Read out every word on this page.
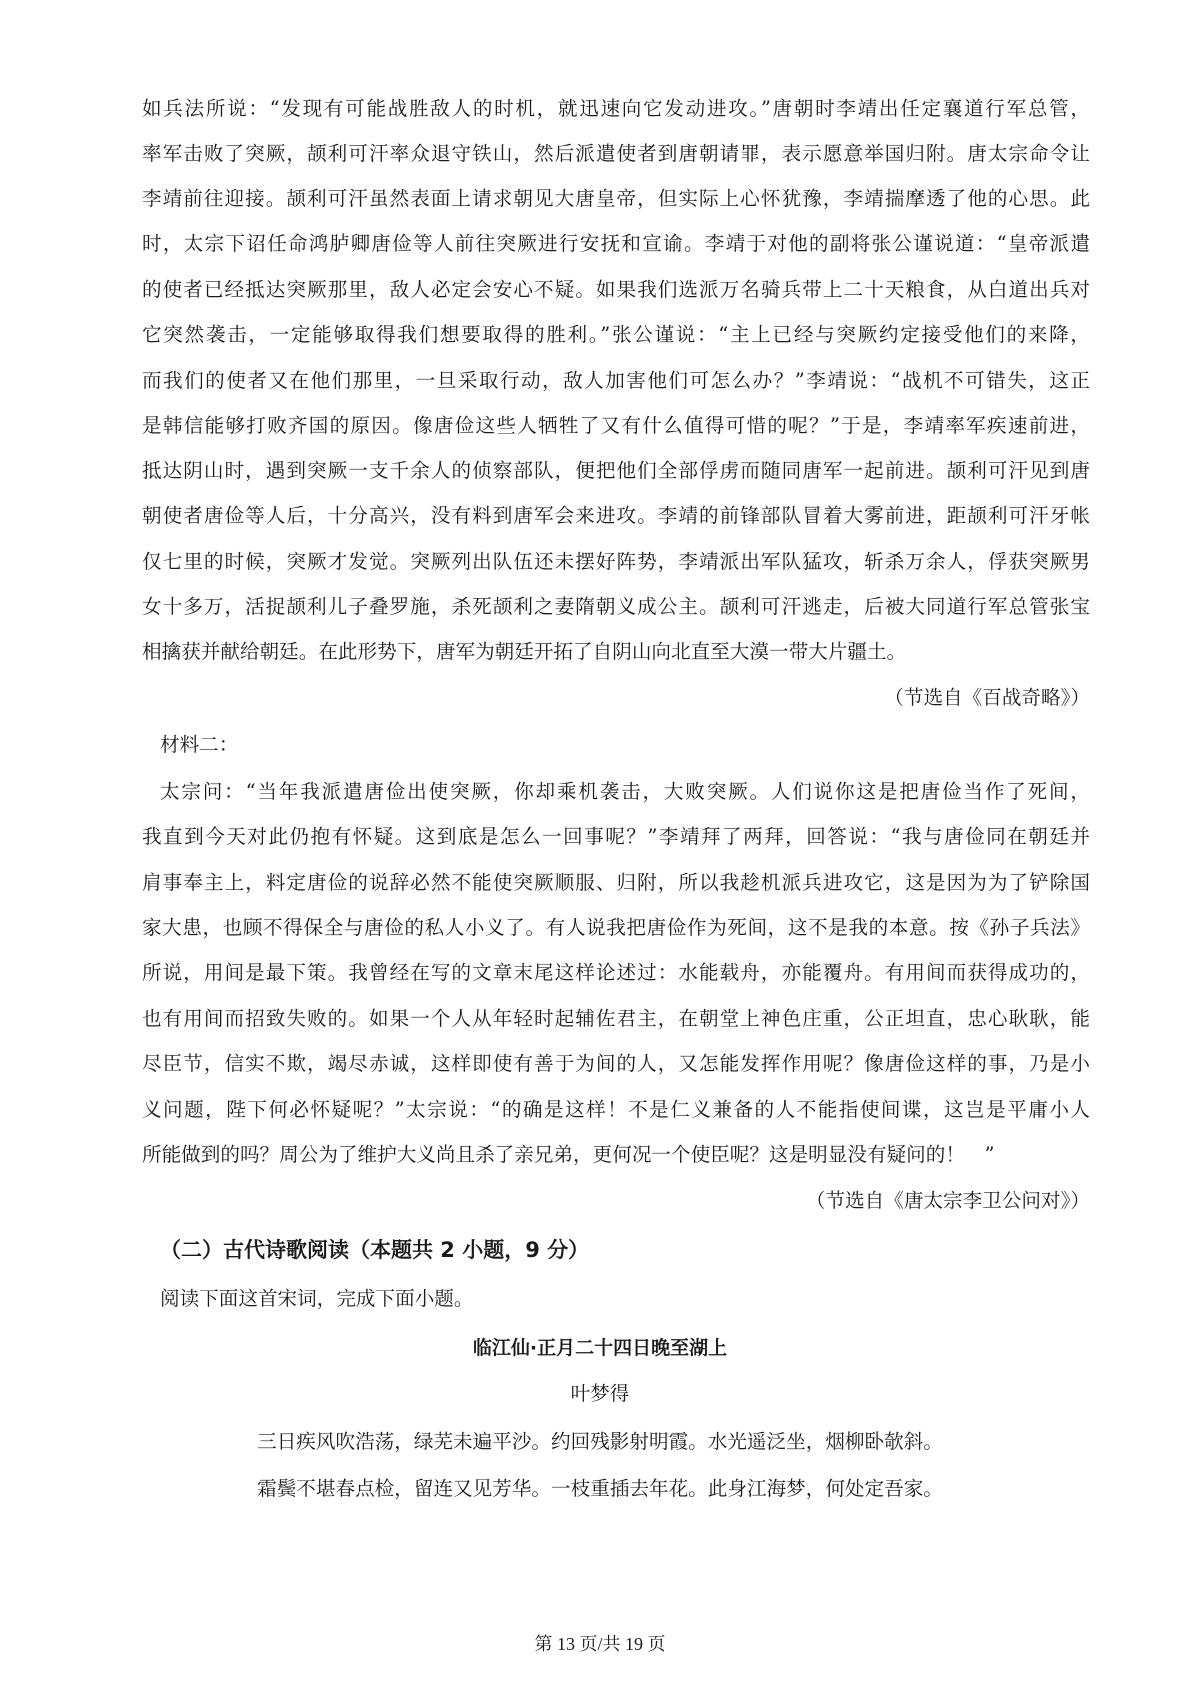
如兵法所说：“发现有可能战胜敌人的时机，就迅速向它发动进攻。”唐朝时李靖出任定襄道行军总管，
率军击败了突厥，颉利可汗率众退守铁山，然后派遣使者到唐朝请罪，表示愿意举国归附。唐太宗命令让
李靖前往迎接。颉利可汗虽然表面上请求朝见大唐皇帝，但实际上心怀犹豫，李靖揣摩透了他的心思。此
时，太宗下诏任命鸿胪卿唐俭等人前往突厥进行安抚和宣谕。李靖于对他的副将张公谨说道：“皇帝派遣
的使者已经抵达突厥那里，敌人必定会安心不疑。如果我们选派万名骑兵带上二十天粮食，从白道出兵对
它突然袭击，一定能够取得我们想要取得的胜利。”张公谨说：“主上已经与突厥约定接受他们的来降，
而我们的使者又在他们那里，一旦采取行动，敌人加害他们可怎么办？”李靖说：“战机不可错失，这正
是韩信能够打败齐国的原因。像唐俭这些人牺牲了又有什么值得可惜的呢？”于是，李靖率军疾速前进，
抵达阴山时，遇到突厥一支千余人的侦察部队，便把他们全部俘虏而随同唐军一起前进。颉利可汗见到唐
朝使者唐俭等人后，十分高兴，没有料到唐军会来进攻。李靖的前锋部队冒着大雾前进，距颉利可汗牙帐
仅七里的时候，突厥才发觉。突厥列出队伍还未摆好阵势，李靖派出军队猛攻，斩杀万余人，俘获突厥男
女十多万，活捉颉利儿子叠罗施，杀死颉利之妻隋朝义成公主。颉利可汗逃走，后被大同道行军总管张宝
相擒获并献给朝廷。在此形势下，唐军为朝廷开拓了自阴山向北直至大漠一带大片疆土。
（节选自《百战奇略》）
材料二：
太宗问：“当年我派遣唐俭出使突厥，你却乘机袭击，大败突厥。人们说你这是把唐俭当作了死间，
我直到今天对此仍抱有怀疑。这到底是怎么一回事呢？”李靖拜了两拜，回答说：“我与唐俭同在朝廷并
肩事奉主上，料定唐俭的说辞必然不能使突厥顺服、归附，所以我趁机派兵进攻它，这是因为为了铲除国
家大患，也顾不得保全与唐俭的私人小义了。有人说我把唐俭作为死间，这不是我的本意。按《孙子兵法》
所说，用间是最下策。我曾经在写的文章末尾这样论述过：水能载舟，亦能覆舟。有用间而获得成功的，
也有用间而招致失败的。如果一个人从年轻时起辅佐君主，在朝堂上神色庄重，公正坦直，忠心耿耿，能
尽臣节，信实不欺，竭尽赤诚，这样即使有善于为间的人，又怎能发挥作用呢？像唐俭这样的事，乃是小
义问题，陛下何必怀疑呢？”太宗说：“的确是这样！不是仁义兼备的人不能指使间谍，这岂是平庸小人
所能做到的吗？周公为了维护大义尚且杀了亲兄弟，更何况一个使臣呢？这是明显没有疑问的！　”
（节选自《唐太宗李卫公问对》）
（二）古代诗歌阅读（本题共 2 小题，9 分）
阅读下面这首宋词，完成下面小题。
临江仙·正月二十四日晚至湖上
叶梦得
三日疾风吹浩荡，绿芜未遍平沙。约回残影射明霞。水光遥泛坐，烟柳卧欹斜。
霜鬓不堪春点检，留连又见芳华。一枝重插去年花。此身江海梦，何处定吾家。
第 13 页/共 19 页
